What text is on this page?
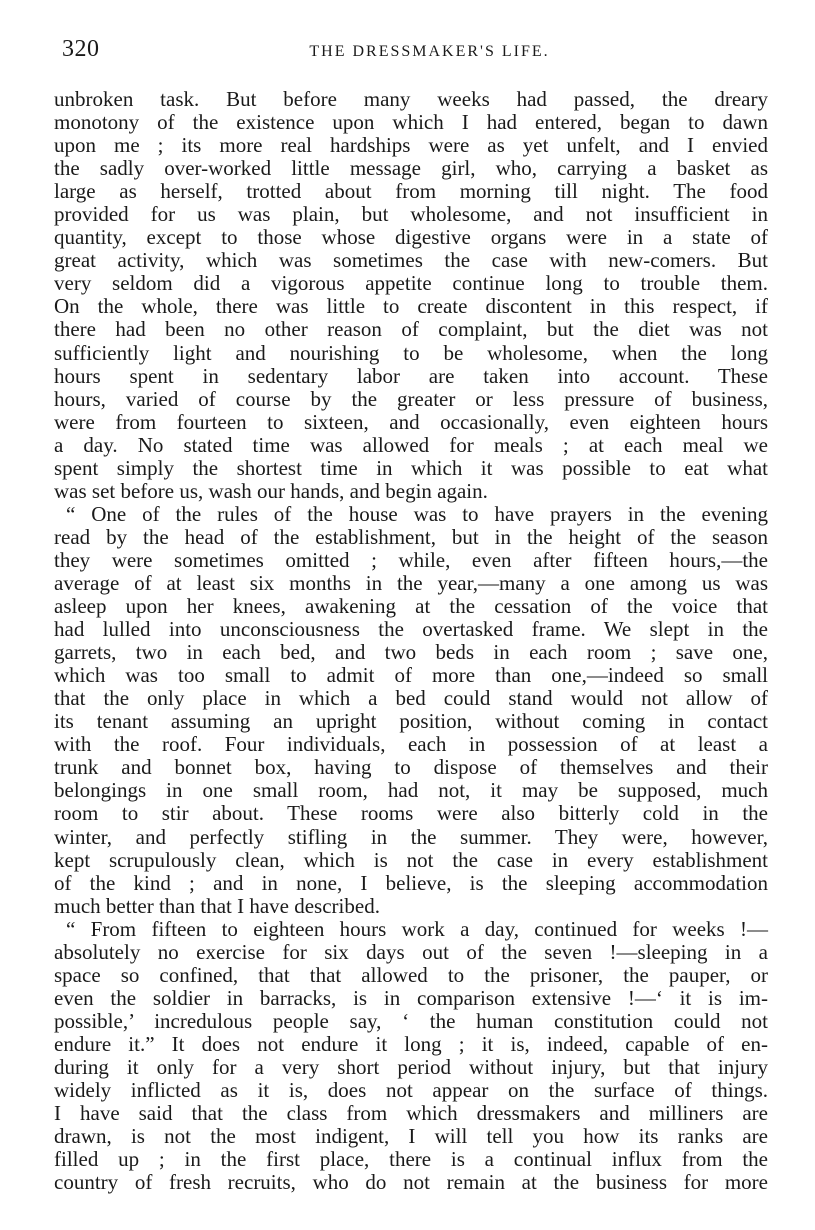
320	THE DRESSMAKER'S LIFE.
unbroken task. But before many weeks had passed, the dreary
monotony of the existence upon which I had entered, began to dawn
upon me ; its more real hardships were as yet unfelt, and I envied
the sadly over-worked little message girl, who, carrying a basket as
large as herself, trotted about from morning till night. The food
provided for us was plain, but wholesome, and not insufficient in
quantity, except to those whose digestive organs were in a state of
great activity, which was sometimes the case with new-comers. But
very seldom did a vigorous appetite continue long to trouble them.
On the whole, there was little to create discontent in this respect, if
there had been no other reason of complaint, but the diet was not
sufficiently light and nourishing to be wholesome, when the long
hours spent in sedentary labor are taken into account. These
hours, varied of course by the greater or less pressure of business,
were from fourteen to sixteen, and occasionally, even eighteen hours
a day. No stated time was allowed for meals ; at each meal we
spent simply the shortest time in which it was possible to eat what
was set before us, wash our hands, and begin again.
“ One of the rules of the house was to have prayers in the evening
read by the head of the establishment, but in the height of the season
they were sometimes omitted ; while, even after fifteen hours,—the
average of at least six months in the year,—many a one among us was
asleep upon her knees, awakening at the cessation of the voice that
had lulled into unconsciousness the overtasked frame. We slept in the
garrets, two in each bed, and two beds in each room ; save one,
which was too small to admit of more than one,—indeed so small
that the only place in which a bed could stand would not allow of
its tenant assuming an upright position, without coming in contact
with the roof. Four individuals, each in possession of at least a
trunk and bonnet box, having to dispose of themselves and their
belongings in one small room, had not, it may be supposed, much
room to stir about. These rooms were also bitterly cold in the
winter, and perfectly stifling in the summer. They were, however,
kept scrupulously clean, which is not the case in every establishment
of the kind ; and in none, I believe, is the sleeping accommodation
much better than that I have described.
“ From fifteen to eighteen hours work a day, continued for weeks !—
absolutely no exercise for six days out of the seven !—sleeping in a
space so confined, that that allowed to the prisoner, the pauper, or
even the soldier in barracks, is in comparison extensive !—‘ it is im-
possible,’ incredulous people say, ‘ the human constitution could not
endure it.” It does not endure it long ; it is, indeed, capable of en-
during it only for a very short period without injury, but that injury
widely inflicted as it is, does not appear on the surface of things.
I have said that the class from which dressmakers and milliners are
drawn, is not the most indigent, I will tell you how its ranks are
filled up ; in the first place, there is a continual influx from the
country of fresh recruits, who do not remain at the business for more
